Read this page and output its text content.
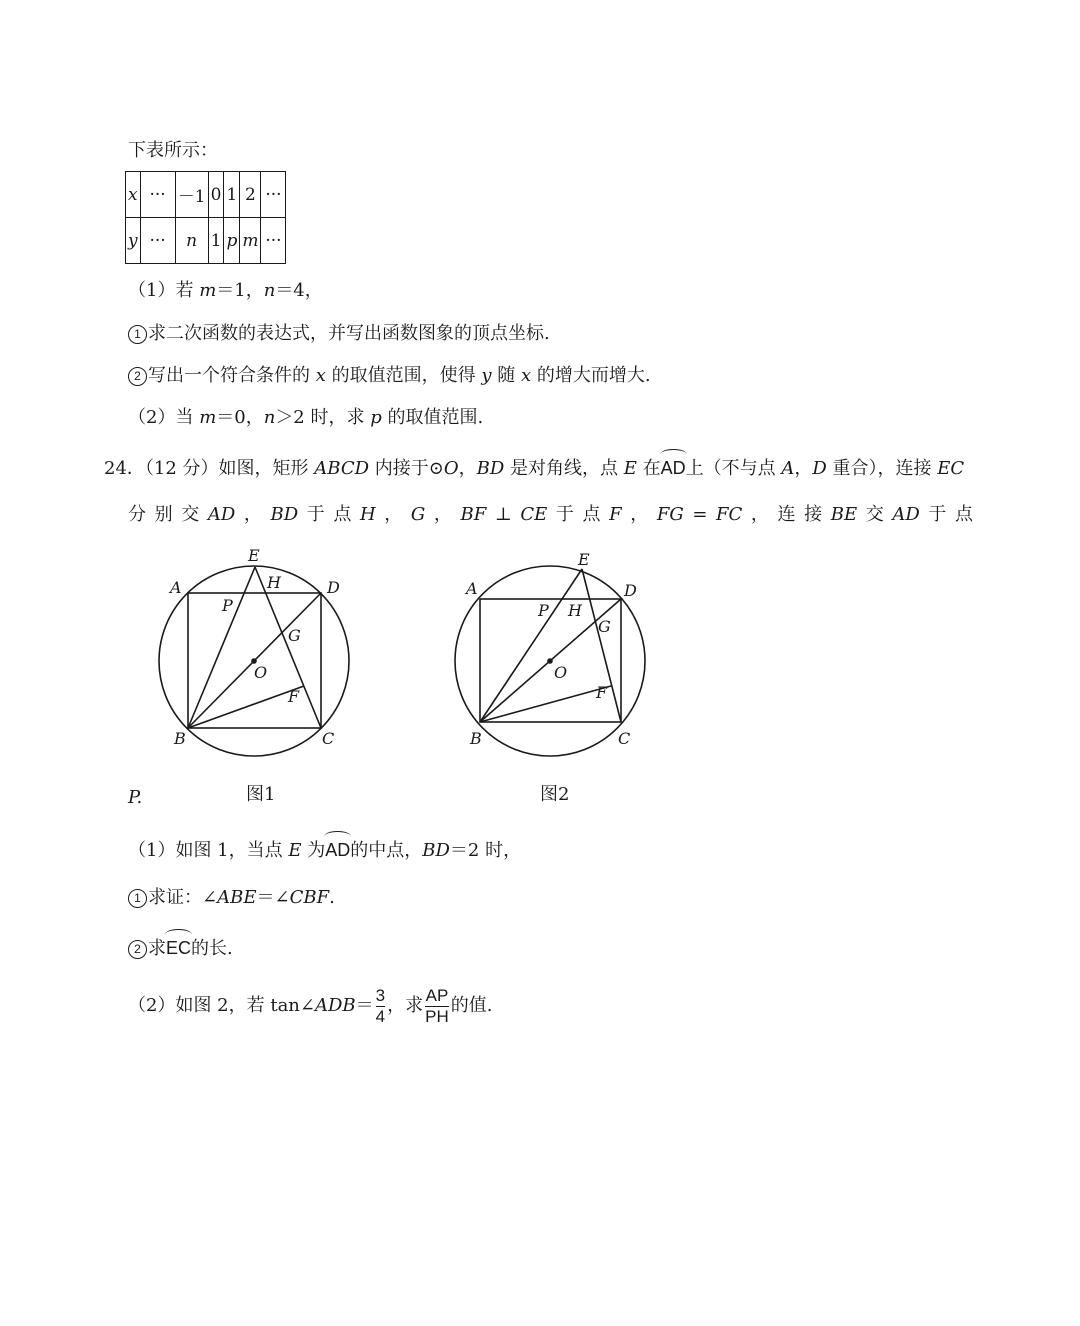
下表所示：
x	···	－1	0	1	2	···
y	···	n	1	p	m	···
（1）若 m＝1，n＝4，
1 求二次函数的表达式，并写出函数图象的顶点坐标.
2 写出一个符合条件的 x 的取值范围，使得 y 随 x 的增大而增大.
（2）当 m＝0，n＞2 时，求 p 的取值范围.
24．（12 分）如图，矩形 ABCD 内接于⊙O，BD 是对角线，点 E 在AD上（不与点 A，D 重合），连接 EC
分 别 交 AD ， BD 于 点 H ， G ， BF ⊥ CE 于 点 F ， FG = FC ， 连 接 BE 交 AD 于 点
E
A	D
H
P
G
O
F
B	C
E
A	D
P H
G
O
F
B	C
P.	图1	图2
（1）如图 1，当点 E 为AD的中点，BD＝2 时，
1 求证：∠ABE＝∠CBF.
2 求EC的长.
（2）如图 2，若 tan∠ADB＝ $\frac{3}{4}$ ，求 $\frac{AP}{PH}$ 的值.
